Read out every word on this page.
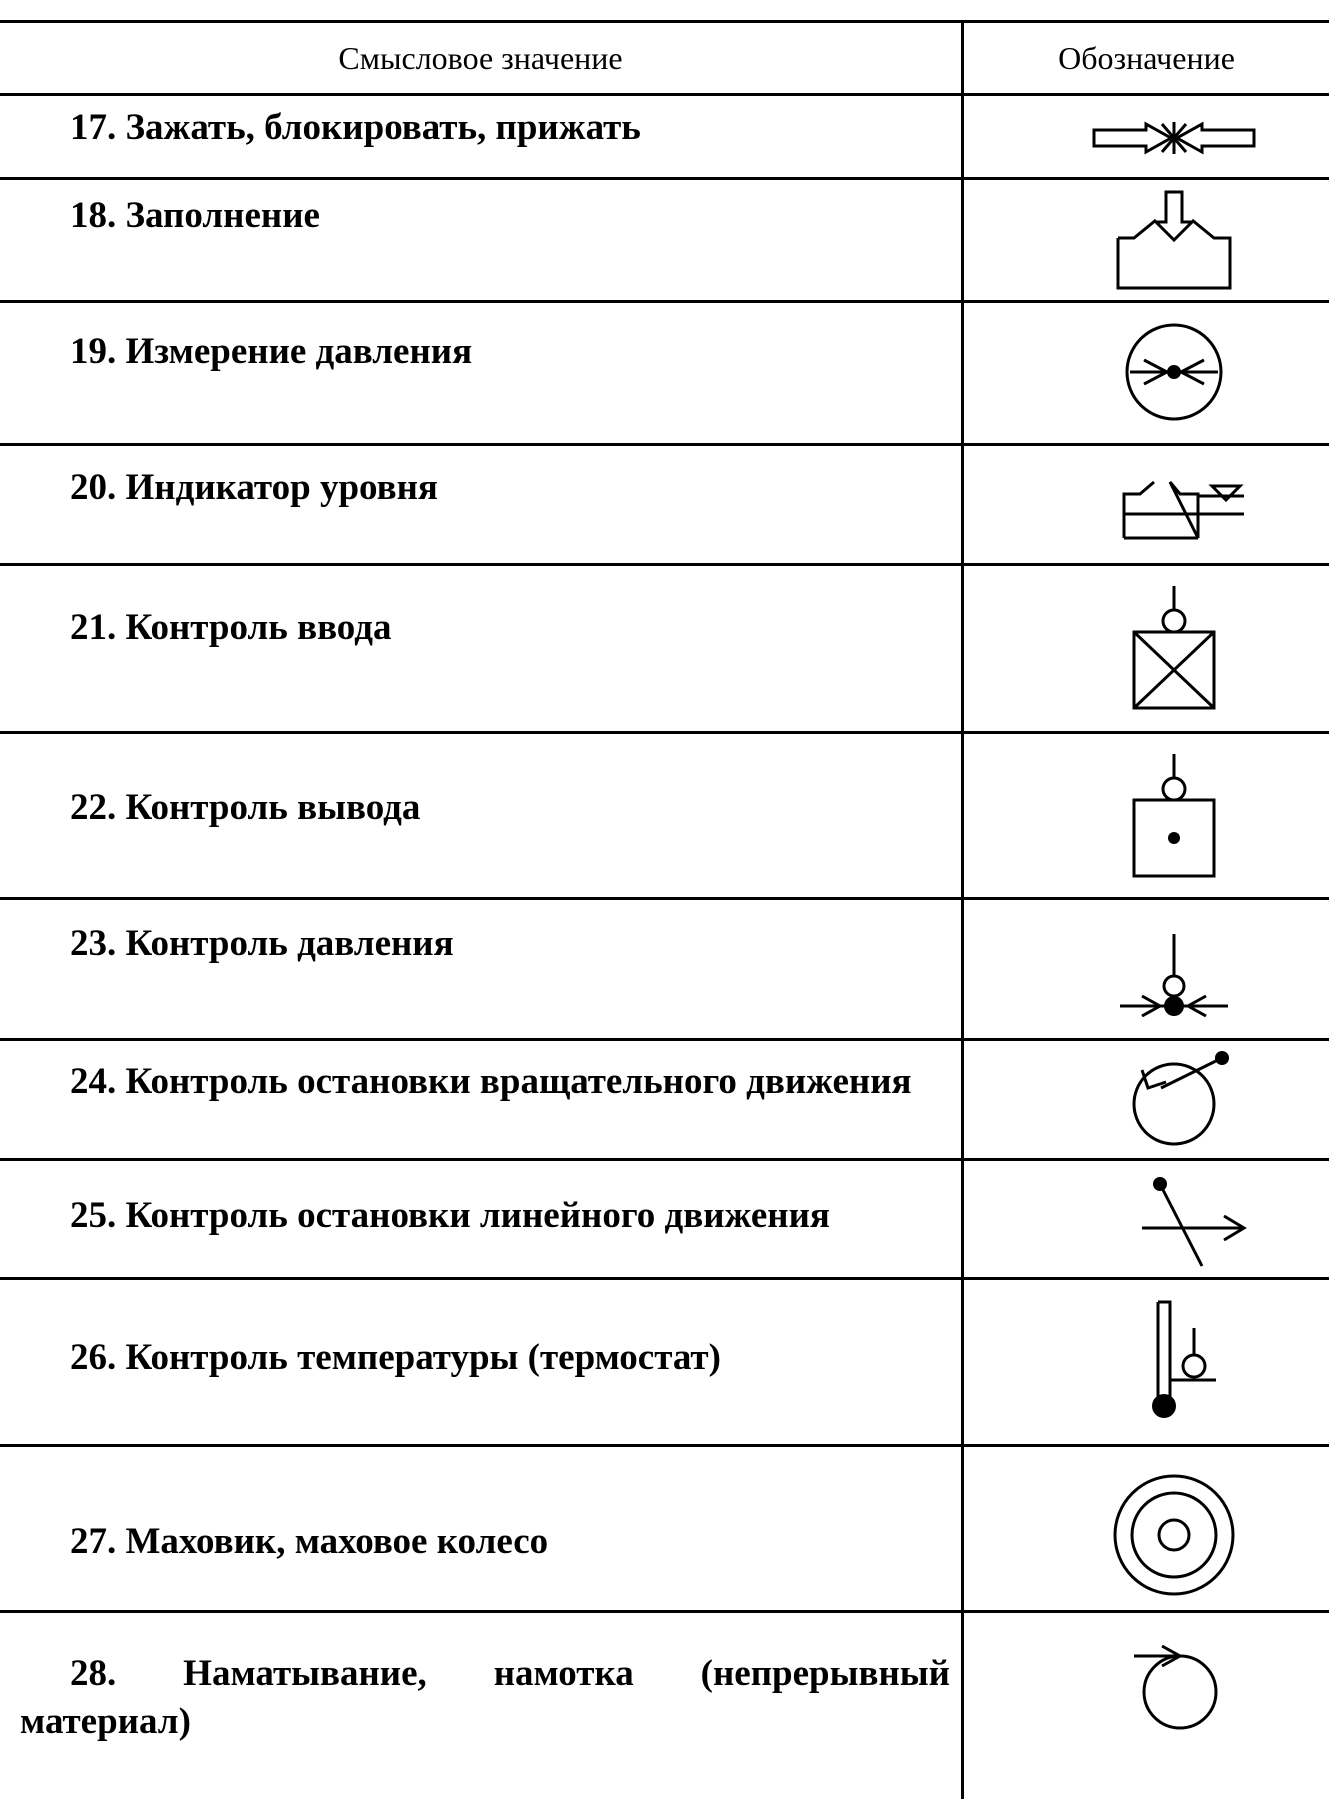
Смысловое значение	Обозначение
17. Зажать, блокировать, прижать
18. Заполнение
19. Измерение давления
20. Индикатор уровня
21. Контроль ввода
22. Контроль вывода
23. Контроль давления
24. Контроль остановки вращательного движения
25. Контроль остановки линейного движения
26. Контроль температуры (термостат)
27. Маховик, маховое колесо
28. Наматывание, намотка (непрерывный материал)
